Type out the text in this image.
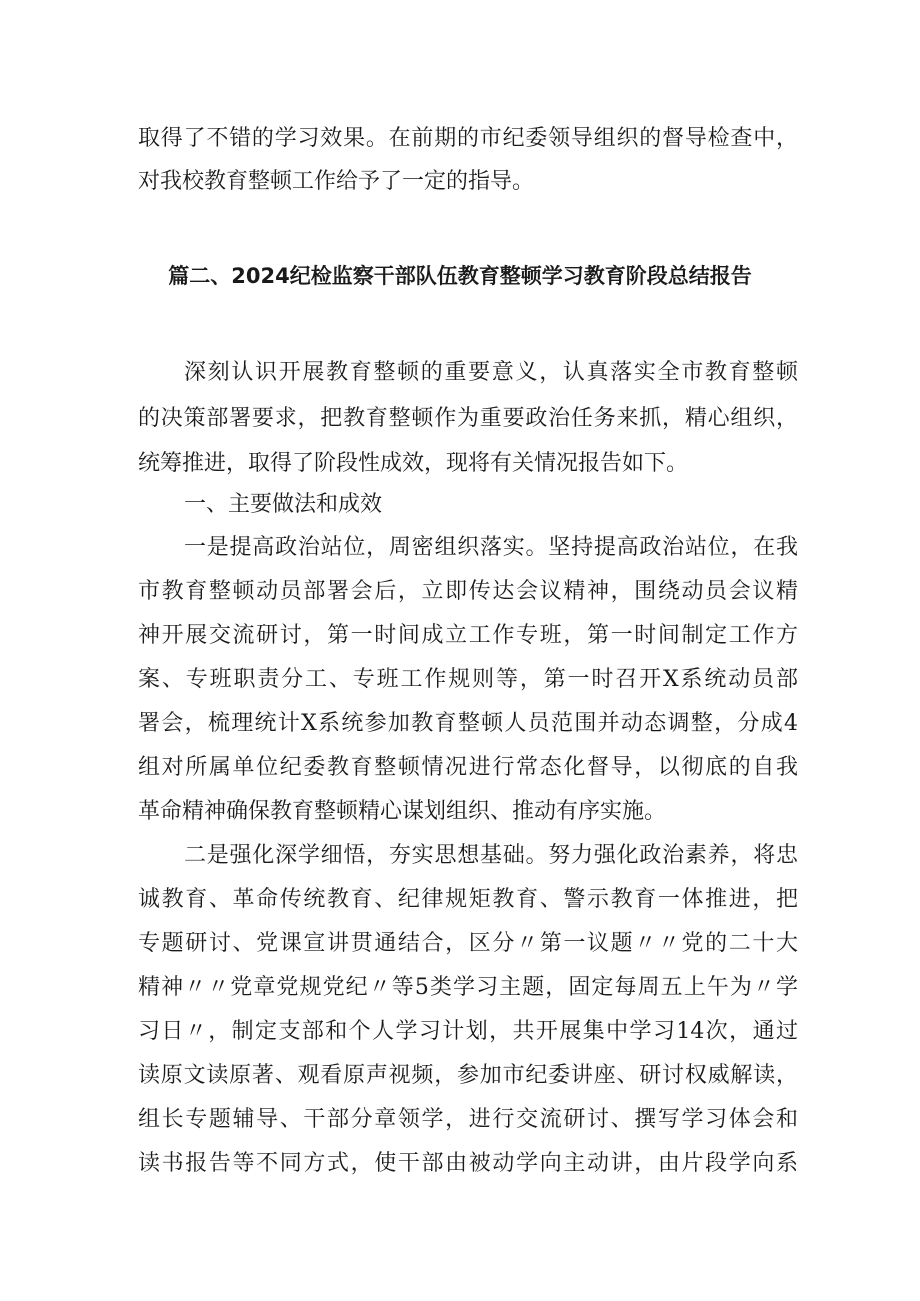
取得了不错的学习效果。在前期的市纪委领导组织的督导检查中，
对我校教育整顿工作给予了一定的指导。
篇二、2024纪检监察干部队伍教育整顿学习教育阶段总结报告
深刻认识开展教育整顿的重要意义，认真落实全市教育整顿
的决策部署要求，把教育整顿作为重要政治任务来抓，精心组织，
统筹推进，取得了阶段性成效，现将有关情况报告如下。
一、主要做法和成效
一是提高政治站位，周密组织落实。坚持提高政治站位，在我
市教育整顿动员部署会后，立即传达会议精神，围绕动员会议精
神开展交流研讨，第一时间成立工作专班，第一时间制定工作方
案、专班职责分工、专班工作规则等，第一时召开X系统动员部
署会，梳理统计X系统参加教育整顿人员范围并动态调整，分成4
组对所属单位纪委教育整顿情况进行常态化督导，以彻底的自我
革命精神确保教育整顿精心谋划组织、推动有序实施。
二是强化深学细悟，夯实思想基础。努力强化政治素养，将忠
诚教育、革命传统教育、纪律规矩教育、警示教育一体推进，把
专题研讨、党课宣讲贯通结合，区分〃第一议题〃〃党的二十大
精神〃〃党章党规党纪〃等5类学习主题，固定每周五上午为〃学
习日〃，制定支部和个人学习计划，共开展集中学习14次，通过
读原文读原著、观看原声视频，参加市纪委讲座、研讨权威解读，
组长专题辅导、干部分章领学，进行交流研讨、撰写学习体会和
读书报告等不同方式，使干部由被动学向主动讲，由片段学向系
